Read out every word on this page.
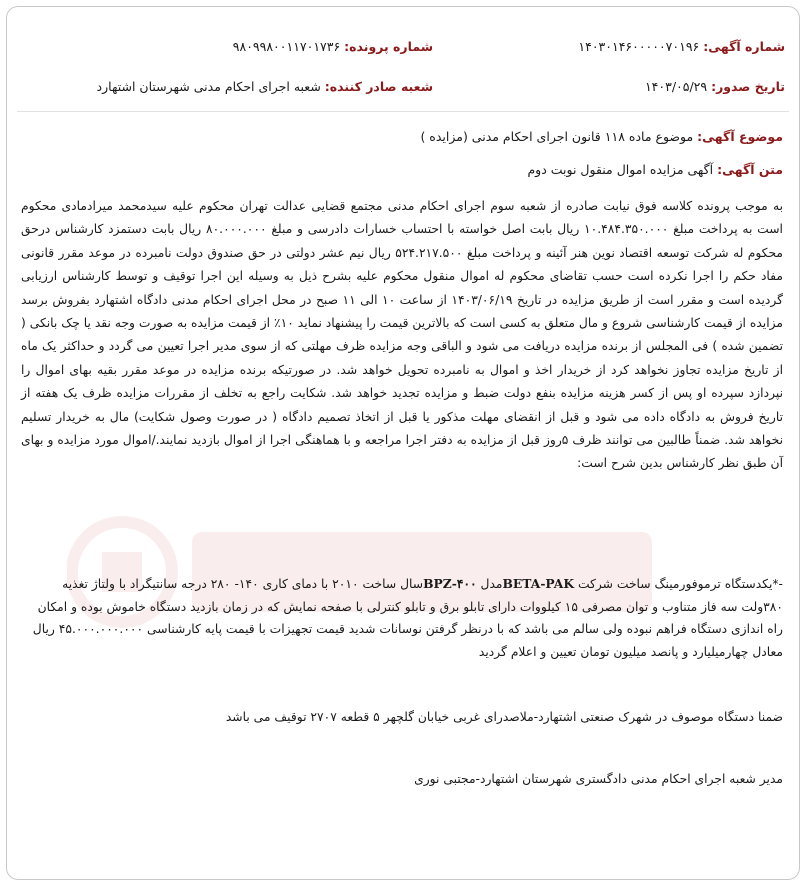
شماره آگهی: ۱۴۰۳۰۱۴۶۰۰۰۰۰۷۰۱۹۶
شماره پرونده: ۹۸۰۹۹۸۰۰۱۱۷۰۱۷۳۶
تاریخ صدور: ۱۴۰۳/۰۵/۲۹
شعبه صادر کننده: شعبه اجرای احکام مدنی شهرستان اشتهارد
موضوع آگهی: موضوع ماده ۱۱۸ قانون اجرای احکام مدنی (مزایده )
متن آگهی: آگهی مزایده اموال منقول نوبت دوم

به موجب پرونده کلاسه فوق نیابت صادره از شعبه سوم اجرای احکام مدنی مجتمع قضایی عدالت تهران محکوم علیه سیدمحمد میرادمادی محکوم است به پرداخت مبلغ ۱۰.۴۸۴.۳۵۰.۰۰۰ ریال بابت اصل خواسته با احتساب خسارات دادرسی و مبلغ ۸۰.۰۰۰.۰۰۰ ریال بابت دستمزد کارشناس درحق محکوم له شرکت توسعه اقتصاد نوین هنر آئینه و پرداخت مبلغ ۵۲۴.۲۱۷.۵۰۰ ریال نیم عشر دولتی در حق صندوق دولت نامبرده در موعد مقرر قانونی مفاد حکم را اجرا نکرده است حسب تقاضای محکوم له اموال منقول محکوم علیه بشرح ذیل به وسیله این اجرا توقیف و توسط کارشناس ارزیابی گردیده است و مقرر است از طریق مزایده در تاریخ ۱۴۰۳/۰۶/۱۹ از ساعت ۱۰ الی ۱۱ صبح در محل اجرای احکام مدنی دادگاه اشتهارد بفروش برسد مزایده از قیمت کارشناسی شروع و مال متعلق به کسی است که بالاترین قیمت را پیشنهاد نماید ۱۰٪ از قیمت مزایده به صورت وجه نقد یا چک بانکی ( تضمین شده ) فی المجلس از برنده مزایده دریافت می شود و الباقی وجه مزایده ظرف مهلتی که از سوی مدیر اجرا تعیین می گردد و حداکثر یک ماه از تاریخ مزایده تجاوز نخواهد کرد از خریدار اخذ و اموال به نامبرده تحویل خواهد شد. در صورتیکه برنده مزایده در موعد مقرر بقیه بهای اموال را نپردازد سپرده او پس از کسر هزینه مزایده بنفع دولت ضبط و مزایده تجدید خواهد شد. شکایت راجع به تخلف از مقررات مزایده ظرف یک هفته از تاریخ فروش به دادگاه داده می شود و قبل از انقضای مهلت مذکور یا قبل از اتخاذ تصمیم دادگاه ( در صورت وصول شکایت) مال به خریدار تسلیم نخواهد شد. ضمناً طالبین می توانند ظرف ۵روز قبل از مزایده به دفتر اجرا مراجعه و با هماهنگی اجرا از اموال بازدید نمایند./اموال مورد مزایده و بهای آن طبق نظر کارشناس بدین شرح است:

-*یکدستگاه ترموفورمینگ ساخت شرکت BETA-PAKمدل BPZ-۴۰۰سال ساخت ۲۰۱۰ با دمای کاری ۱۴۰- ۲۸۰ درجه سانتیگراد با ولتاژ تغذیه ۳۸۰ولت سه فاز متناوب و توان مصرفی ۱۵ کیلووات دارای تابلو برق و تابلو کنترلی با صفحه نمایش که در زمان بازدید دستگاه خاموش بوده و امکان راه اندازی دستگاه فراهم نبوده ولی سالم می باشد که با درنظر گرفتن نوسانات شدید قیمت تجهیزات با قیمت پایه کارشناسی ۴۵.۰۰۰.۰۰۰.۰۰۰ ریال معادل چهارمیلیارد و پانصد میلیون تومان تعیین و اعلام گردید
ضمنا دستگاه موصوف در شهرک صنعتی اشتهارد-ملاصدرای غربی خیابان گلچهر ۵ قطعه ۲۷۰۷ توقیف می باشد
مدیر شعبه اجرای احکام مدنی دادگستری شهرستان اشتهارد-مجتبی نوری
